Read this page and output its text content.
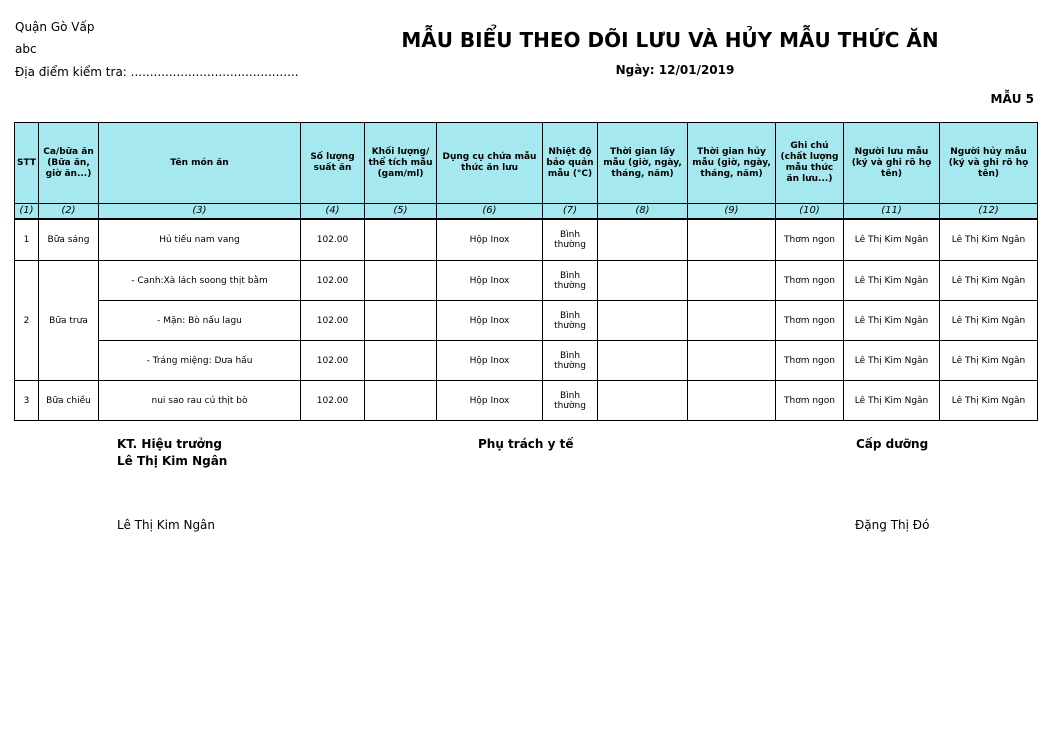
Quận Gò Vấp
abc
Địa điểm kiểm tra: ............................................
MẪU BIỂU THEO DÕI LƯU VÀ HỦY MẪU THỨC ĂN
Ngày: 12/01/2019
MẪU 5
STT	Ca/bữa ăn (Bữa ăn, giờ ăn...)	Tên món ăn	Số lượng suất ăn	Khối lượng/ thể tích mẫu (gam/ml)	Dụng cụ chứa mẫu thức ăn lưu	Nhiệt độ bảo quản mẫu (°C)	Thời gian lấy mẫu (giờ, ngày, tháng, năm)	Thời gian hủy mẫu (giờ, ngày, tháng, năm)	Ghi chú (chất lượng mẫu thức ăn lưu...)	Người lưu mẫu (ký và ghi rõ họ tên)	Người hủy mẫu (ký và ghi rõ họ tên)
(1)	(2)	(3)	(4)	(5)	(6)	(7)	(8)	(9)	(10)	(11)	(12)
1	Bữa sáng	Hủ tiếu nam vang	102.00		Hộp Inox	Bình thường			Thơm ngon	Lê Thị Kim Ngân	Lê Thị Kim Ngân
2	Bữa trưa	- Canh:Xà lách soong thịt bằm	102.00		Hộp Inox	Bình thường			Thơm ngon	Lê Thị Kim Ngân	Lê Thị Kim Ngân
		- Mặn: Bò nấu lagu	102.00		Hộp Inox	Bình thường			Thơm ngon	Lê Thị Kim Ngân	Lê Thị Kim Ngân
		- Tráng miệng: Dưa hấu	102.00		Hộp Inox	Bình thường			Thơm ngon	Lê Thị Kim Ngân	Lê Thị Kim Ngân
3	Bữa chiều	nui sao rau củ thịt bò	102.00		Hộp Inox	Bình thường			Thơm ngon	Lê Thị Kim Ngân	Lê Thị Kim Ngân
KT. Hiệu trưởng
Lê Thị Kim Ngân
Lê Thị Kim Ngân
Phụ trách y tế	Cấp dưỡng
Đặng Thị Đó
